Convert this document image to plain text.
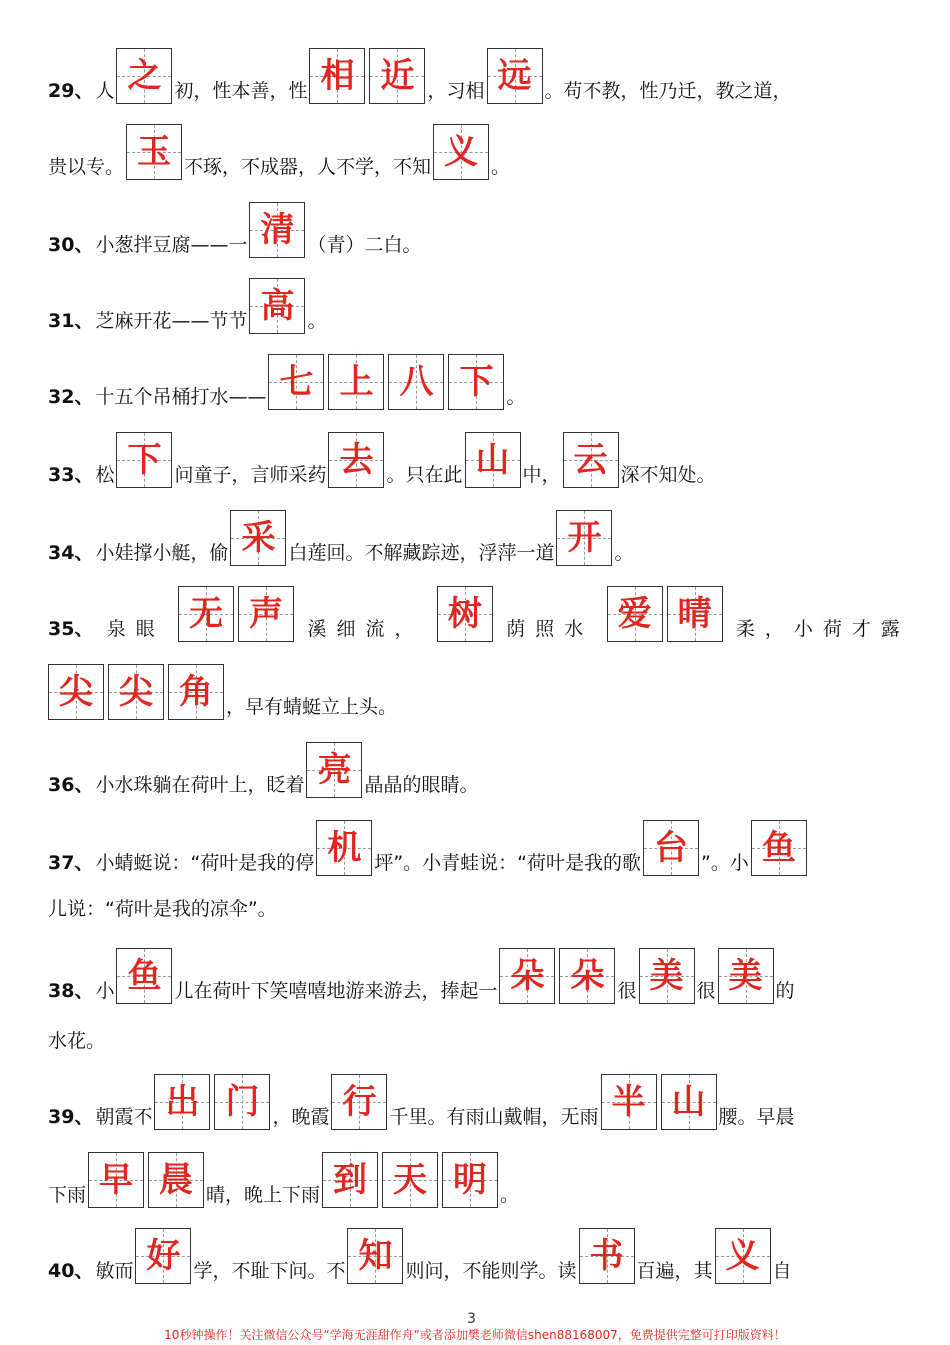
29、 人 之 初，性本善，性 相 近 ，习相 远 。苟不教，性乃迁，教之道，
贵以专。 玉 不琢，不成器，人不学，不知 义 。
30、 小葱拌豆腐——一 清 （青）二白。
31、 芝麻开花——节节 高 。
32、 十五个吊桶打水—— 七 上 八 下 。
33、 松 下 问童子，言师采药 去 。只在此 山 中， 云 深不知处。
34、 小娃撑小艇，偷 采 白莲回。不解藏踪迹，浮萍一道 开 。
35、 泉眼 无 声 溪细流， 树 荫照水 爱 晴 柔，小荷才露
尖 尖 角 ，早有蜻蜓立上头。
36、 小水珠躺在荷叶上，眨着 亮 晶晶的眼睛。
37、 小蜻蜓说：“荷叶是我的停 机 坪”。小青蛙说：“荷叶是我的歌 台 ”。小 鱼
儿说：“荷叶是我的凉伞”。
38、 小 鱼 儿在荷叶下笑嘻嘻地游来游去，捧起一 朵 朵 很 美 很 美 的
水花。
39、 朝霞不 出 门 ，晚霞 行 千里。有雨山戴帽，无雨 半 山 腰。早晨
下雨 早 晨 晴，晚上下雨 到 天 明 。
40、 敏而 好 学，不耻下问。不 知 则问，不能则学。读 书 百遍，其 义 自
3
10秒钟操作！关注微信公众号“学海无涯甜作舟”或者添加樊老师微信shen88168007，免费提供完整可打印版资料！
